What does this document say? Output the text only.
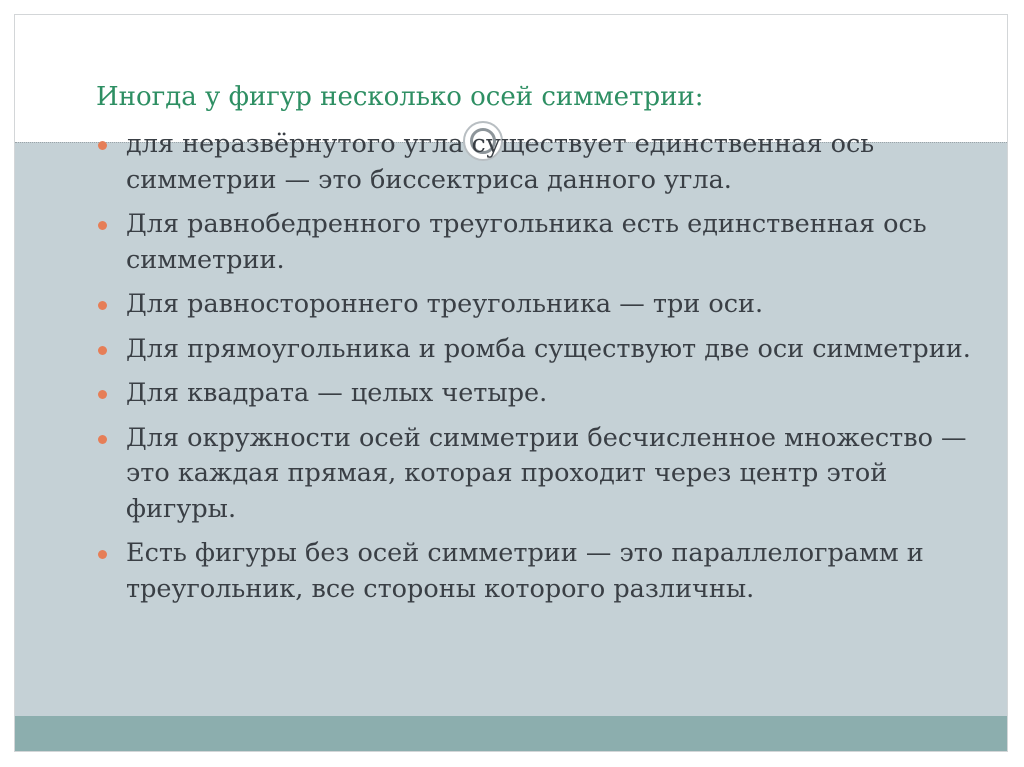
Иногда у фигур несколько осей симметрии:
для неразвёрнутого угла существует единственная ось симметрии — это биссектриса данного угла.
Для равнобедренного треугольника есть единственная ось симметрии.
Для равностороннего треугольника — три оси.
Для прямоугольника и ромба существуют две оси симметрии.
Для квадрата — целых четыре.
Для окружности осей симметрии бесчисленное множество — это каждая прямая, которая проходит через центр этой фигуры.
Есть фигуры без осей симметрии — это параллелограмм и треугольник, все стороны которого различны.
